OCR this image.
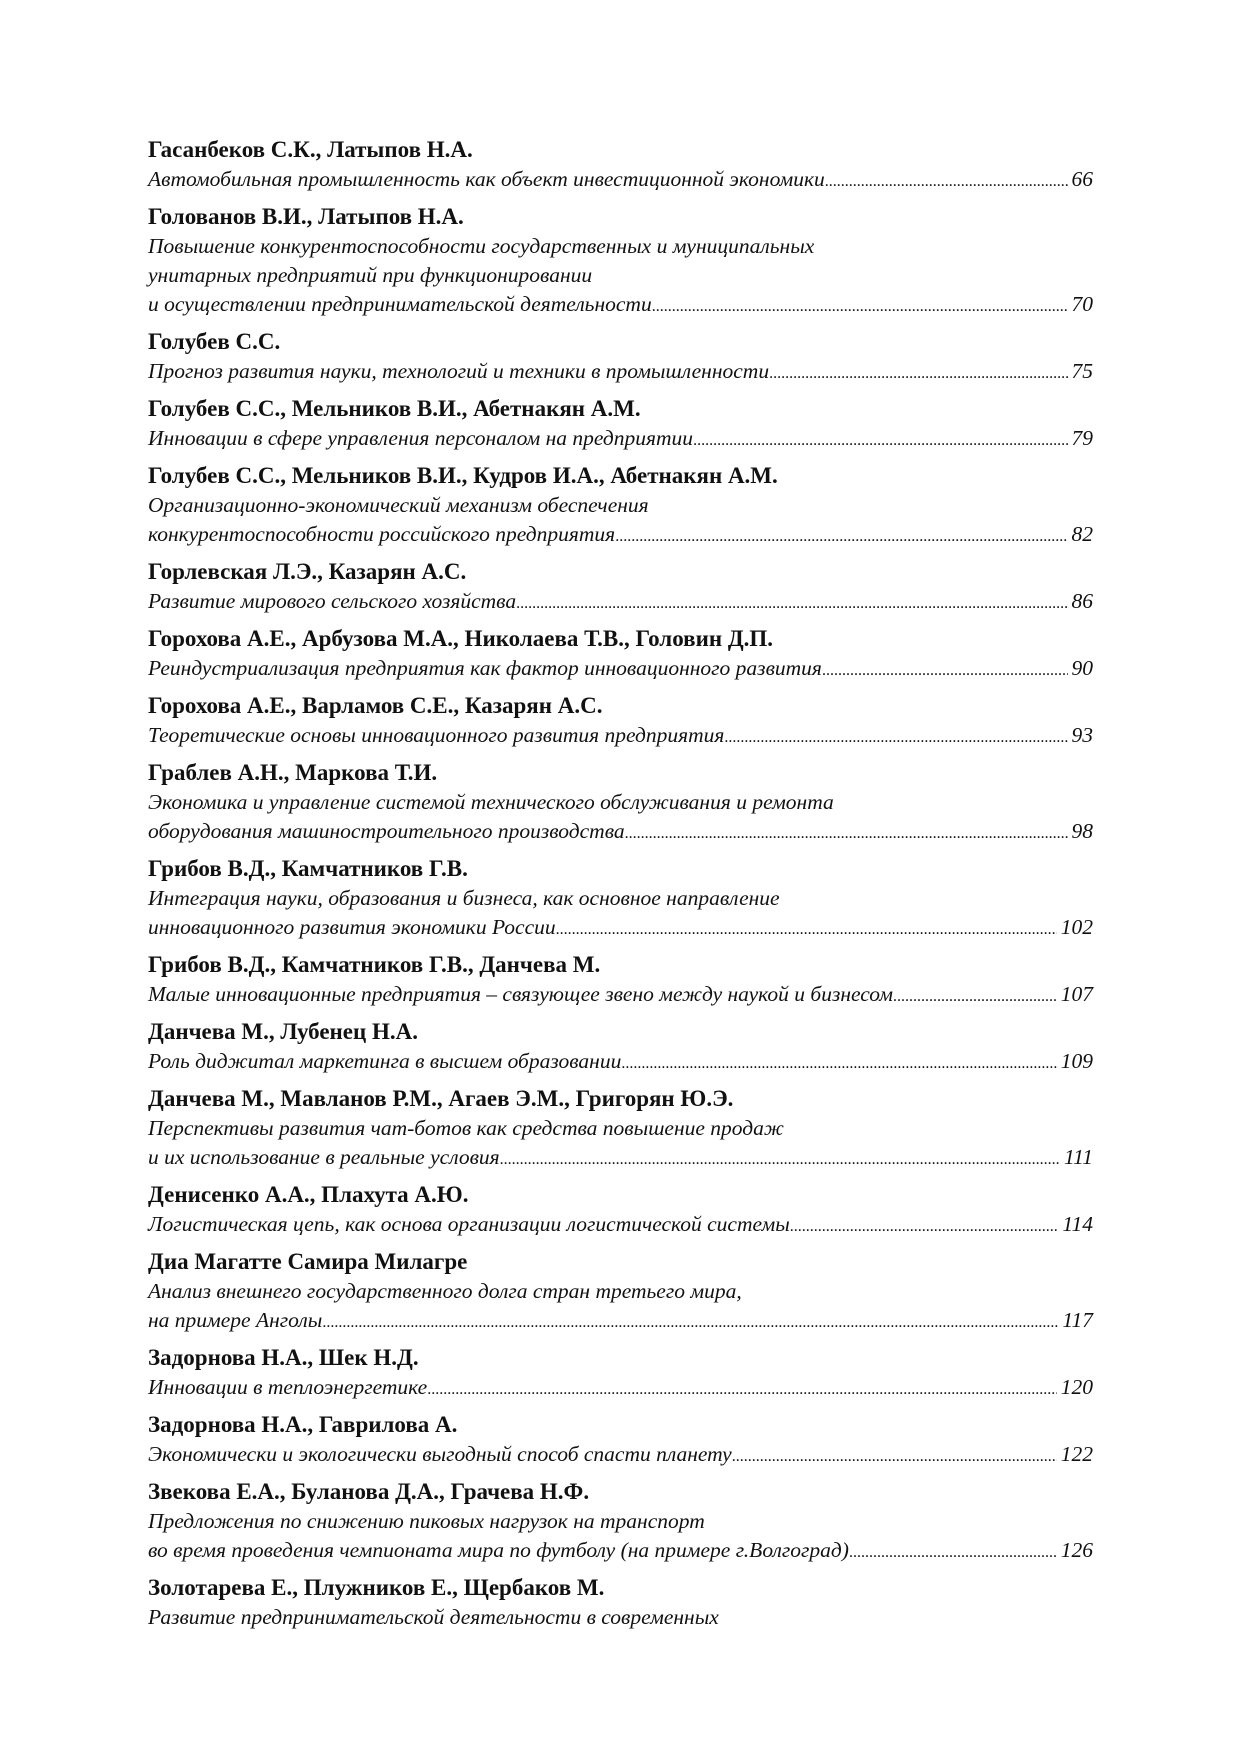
Гасанбеков С.К., Латыпов Н.А.
Автомобильная промышленность как объект инвестиционной экономики .....	66
Голованов В.И., Латыпов Н.А.
Повышение конкурентоспособности государственных и муниципальных
унитарных предприятий при функционировании
и осуществлении предпринимательской деятельности .....	70
Голубев С.С.
Прогноз развития науки, технологий и техники в промышленности .....	75
Голубев С.С., Мельников В.И., Абетнакян А.М.
Инновации в сфере управления персоналом на предприятии .....	79
Голубев С.С., Мельников В.И., Кудров И.А., Абетнакян А.М.
Организационно-экономический механизм обеспечения
конкурентоспособности российского предприятия .....	82
Горлевская Л.Э., Казарян А.С.
Развитие мирового сельского хозяйства .....	86
Горохова А.Е., Арбузова М.А., Николаева Т.В., Головин Д.П.
Реиндустриализация предприятия как фактор инновационного развития .....	90
Горохова А.Е., Варламов С.Е., Казарян А.С.
Теоретические основы инновационного развития предприятия .....	93
Граблев А.Н., Маркова Т.И.
Экономика и управление системой технического обслуживания и ремонта
оборудования машиностроительного производства .....	98
Грибов В.Д., Камчатников Г.В.
Интеграция науки, образования и бизнеса, как основное направление
инновационного развития экономики России .....	102
Грибов В.Д., Камчатников Г.В., Данчева М.
Малые инновационные предприятия – связующее звено между наукой и бизнесом .....	107
Данчева М., Лубенец Н.А.
Роль диджитал маркетинга в высшем образовании .....	109
Данчева М., Мавланов Р.М., Агаев Э.М., Григорян Ю.Э.
Перспективы развития чат-ботов как средства повышение продаж
и их использование в реальные условия .....	111
Денисенко А.А., Плахута А.Ю.
Логистическая цепь, как основа организации логистической системы .....	114
Диа Магатте Самира Милагре
Анализ внешнего государственного долга стран третьего мира,
на примере Анголы .....	117
Задорнова Н.А., Шек Н.Д.
Инновации в теплоэнергетике .....	120
Задорнова Н.А., Гаврилова А.
Экономически и экологически выгодный способ спасти планету .....	122
Звекова Е.А., Буланова Д.А., Грачева Н.Ф.
Предложения по снижению пиковых нагрузок на транспорт
во время проведения чемпионата мира по футболу (на примере г.Волгоград) .....	126
Золотарева Е., Плужников Е., Щербаков М.
Развитие предпринимательской деятельности в современных
